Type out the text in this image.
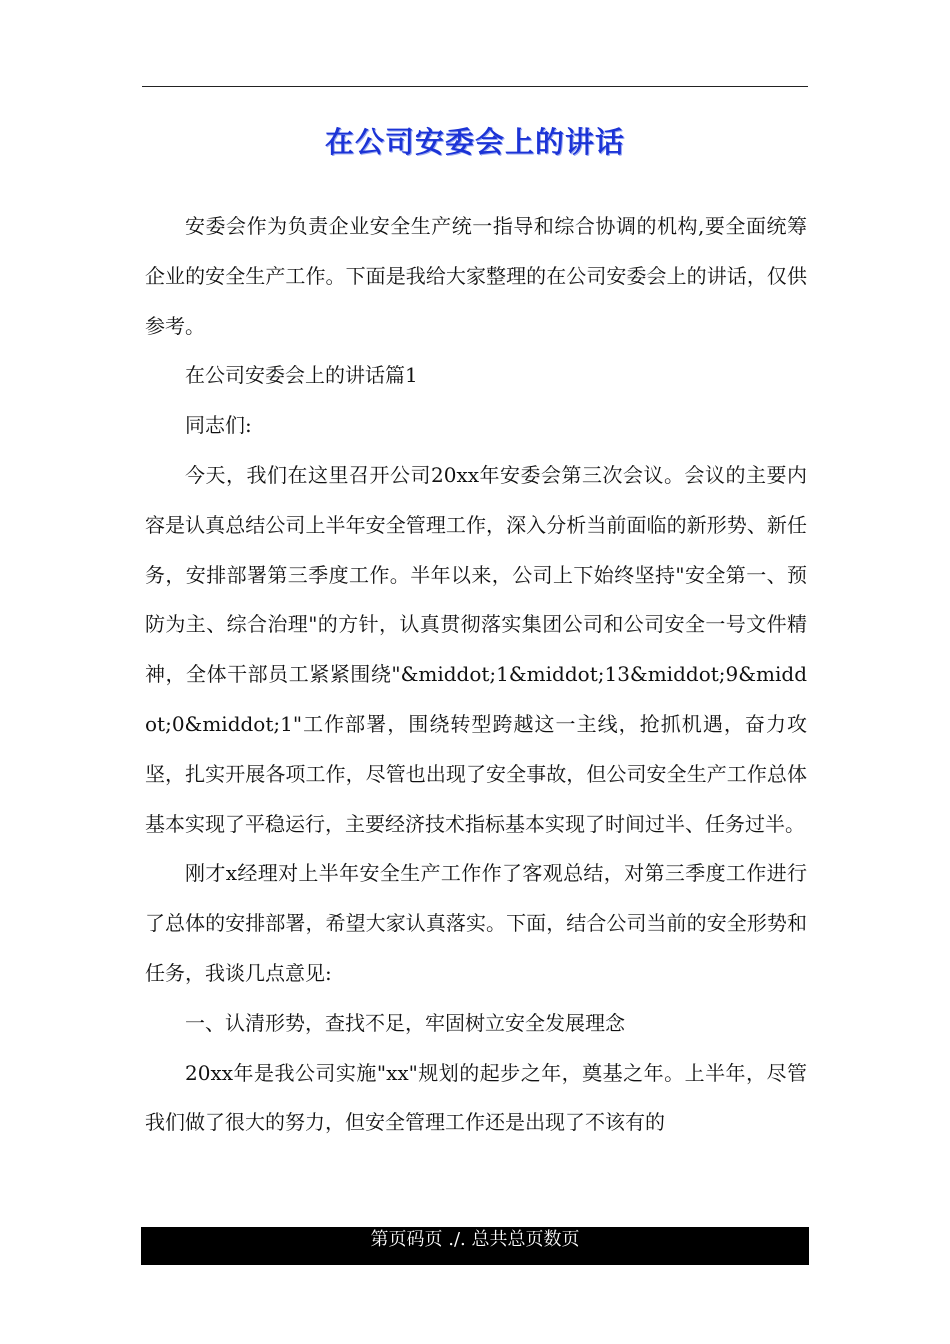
在公司安委会上的讲话

安委会作为负责企业安全生产统一指导和综合协调的机构,要全面统筹企业的安全生产工作。下面是我给大家整理的在公司安委会上的讲话，仅供参考。

在公司安委会上的讲话篇1

同志们:

今天，我们在这里召开公司20xx年安委会第三次会议。会议的主要内容是认真总结公司上半年安全管理工作，深入分析当前面临的新形势、新任务，安排部署第三季度工作。半年以来，公司上下始终坚持"安全第一、预防为主、综合治理"的方针，认真贯彻落实集团公司和公司安全一号文件精神，全体干部员工紧紧围绕"&middot;1&middot;13&middot;9&middot;0&middot;1"工作部署，围绕转型跨越这一主线，抢抓机遇，奋力攻坚，扎实开展各项工作，尽管也出现了安全事故，但公司安全生产工作总体基本实现了平稳运行，主要经济技术指标基本实现了时间过半、任务过半。

刚才x经理对上半年安全生产工作作了客观总结，对第三季度工作进行了总体的安排部署，希望大家认真落实。下面，结合公司当前的安全形势和任务，我谈几点意见:

一、认清形势，查找不足，牢固树立安全发展理念

20xx年是我公司实施"xx"规划的起步之年，奠基之年。上半年，尽管我们做了很大的努力，但安全管理工作还是出现了不该有的

第页码页 ./. 总共总页数页
